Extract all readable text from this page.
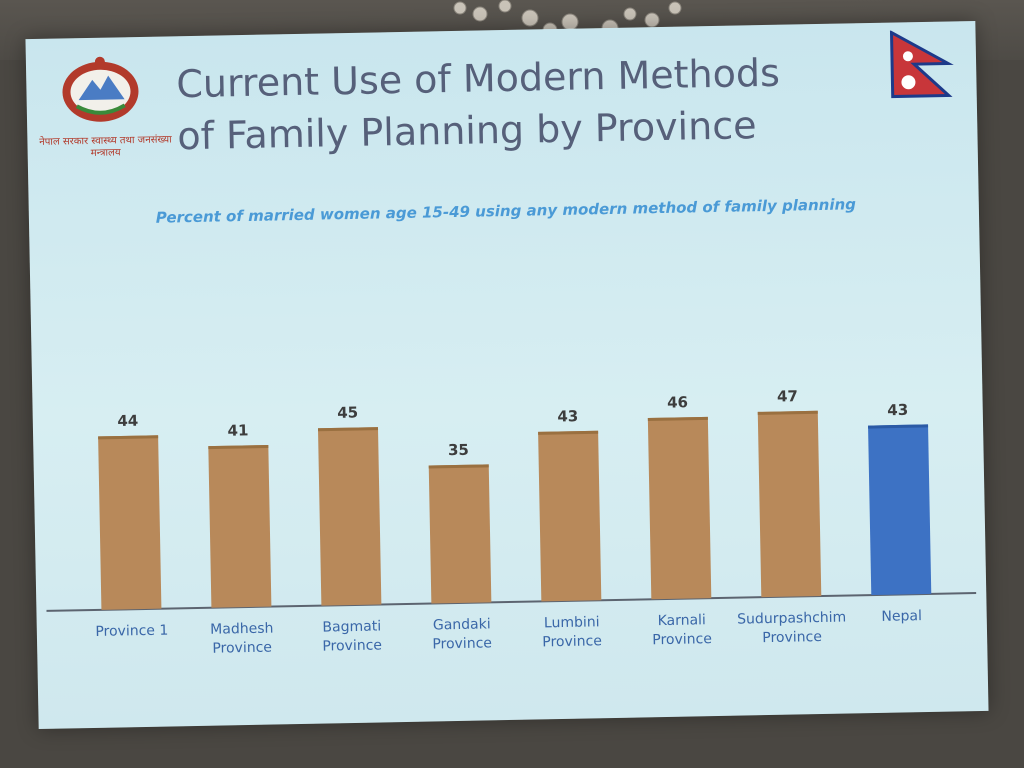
नेपाल सरकार स्वास्थ्य तथा जनसंख्या मन्त्रालय
Current Use of Modern Methods
of Family Planning by Province
Percent of married women age 15-49 using any modern method of family planning
44
Province 1
41
Madhesh
Province
45
Bagmati
Province
35
Gandaki
Province
43
Lumbini
Province
46
Karnali
Province
47
Sudurpashchim
Province
43
Nepal
